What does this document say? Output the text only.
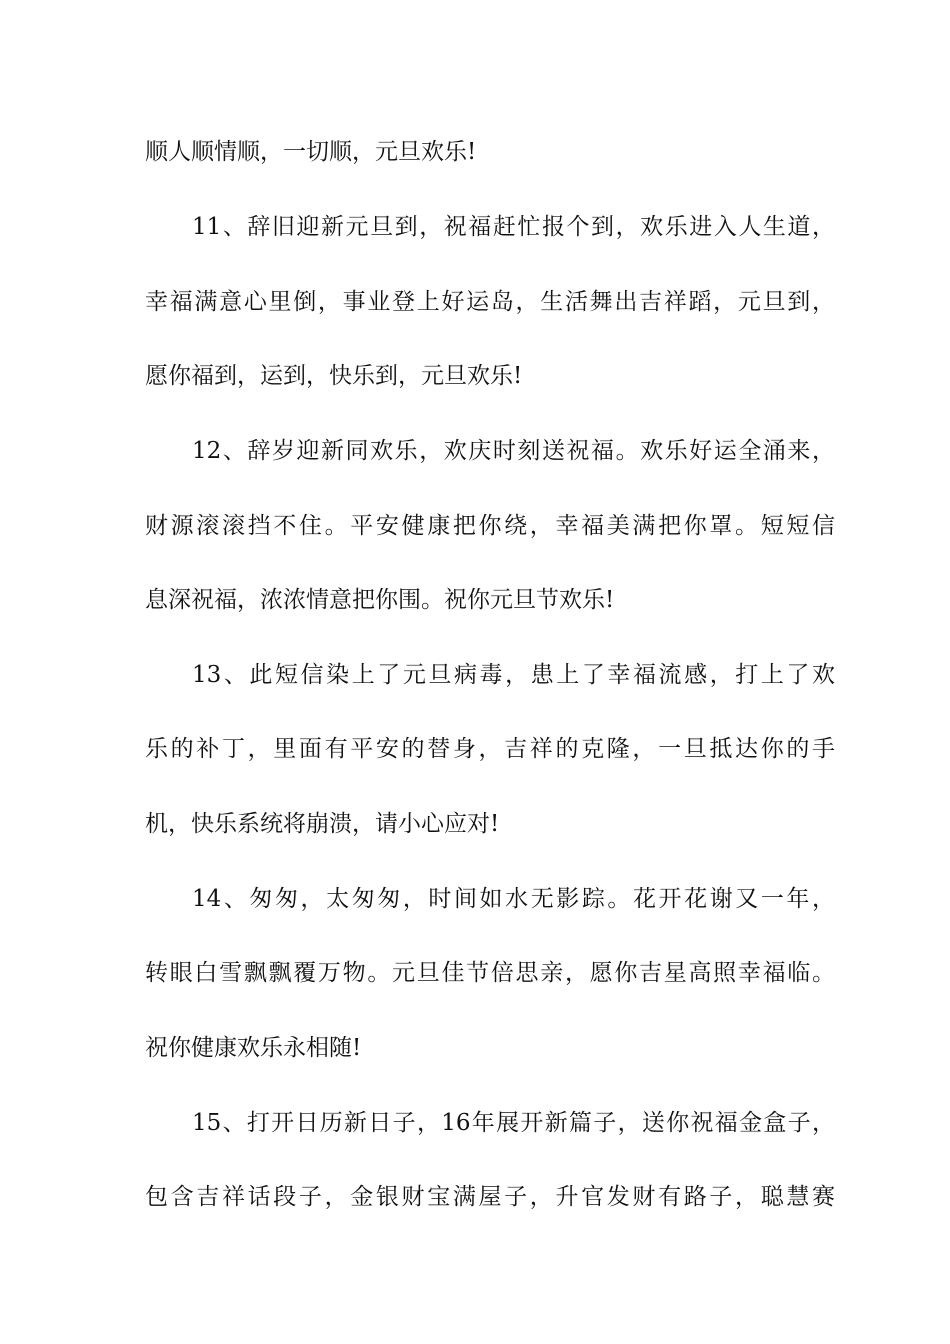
顺人顺情顺，一切顺，元旦欢乐!
11、辞旧迎新元旦到，祝福赶忙报个到，欢乐进入人生道，
幸福满意心里倒，事业登上好运岛，生活舞出吉祥蹈，元旦到，
愿你福到，运到，快乐到，元旦欢乐!
12、辞岁迎新同欢乐，欢庆时刻送祝福。欢乐好运全涌来，
财源滚滚挡不住。平安健康把你绕，幸福美满把你罩。短短信
息深祝福，浓浓情意把你围。祝你元旦节欢乐!
13、此短信染上了元旦病毒，患上了幸福流感，打上了欢
乐的补丁，里面有平安的替身，吉祥的克隆，一旦抵达你的手
机，快乐系统将崩溃，请小心应对!
14、匆匆，太匆匆，时间如水无影踪。花开花谢又一年，
转眼白雪飘飘覆万物。元旦佳节倍思亲，愿你吉星高照幸福临。
祝你健康欢乐永相随!
15、打开日历新日子，16年展开新篇子，送你祝福金盒子，
包含吉祥话段子，金银财宝满屋子，升官发财有路子，聪慧赛
